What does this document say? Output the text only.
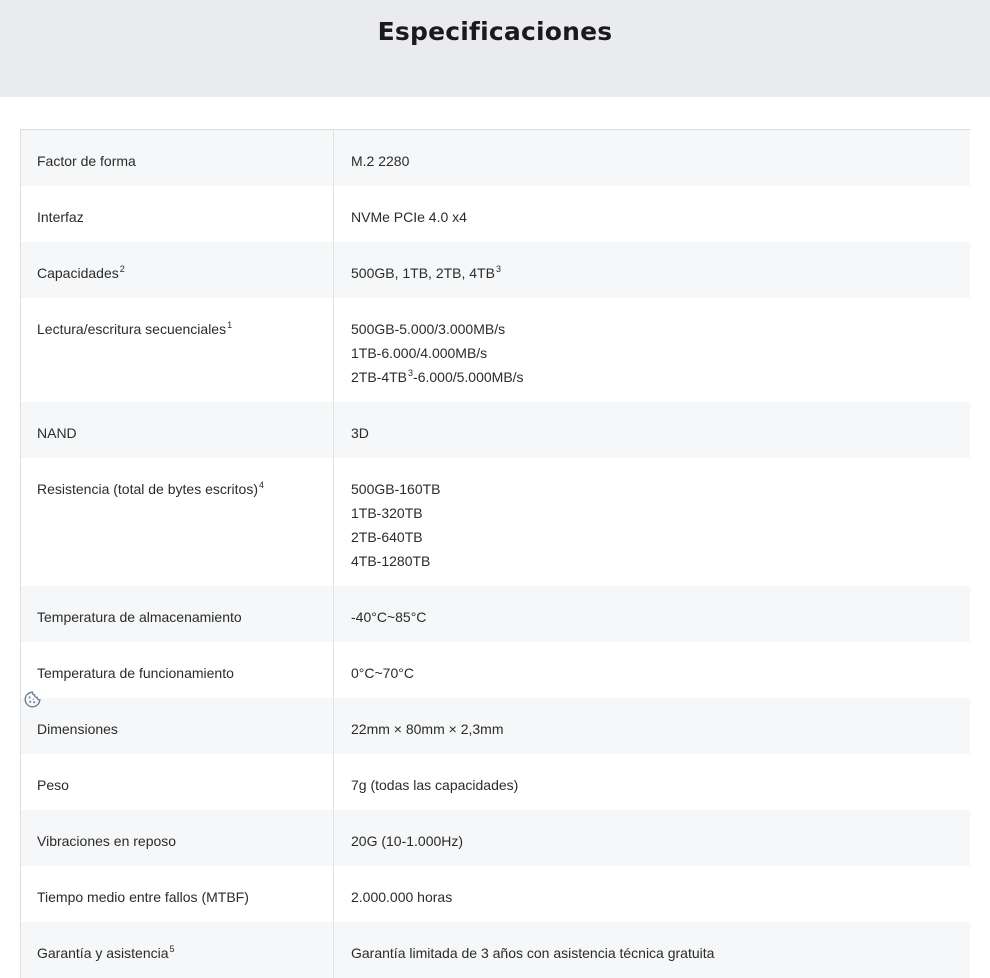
Especificaciones
Factor de forma	M.2 2280
Interfaz	NVMe PCIe 4.0 x4
Capacidades$^2$	500GB, 1TB, 2TB, $4TB^3$
Lectura/escritura secuenciales$^1$	500GB-5.000/3.000MB/s
1TB-6.000/4.000MB/s
$2TB-4TB^3-6.000/5.000MB/s$
NAND	3D
Resistencia (total de bytes escritos)$^4$	500GB-160TB
1TB-320TB
2TB-640TB
4TB-1280TB
Temperatura de almacenamiento	-40°C~85°C
Temperatura de funcionamiento	0°C~70°C
Dimensiones	22mm × 80mm × 2,3mm
Peso	7g (todas las capacidades)
Vibraciones en reposo	20G (10-1.000Hz)
Tiempo medio entre fallos (MTBF)	2.000.000 horas
Garantía y asistencia$^5$	Garantía limitada de 3 años con asistencia técnica gratuita
